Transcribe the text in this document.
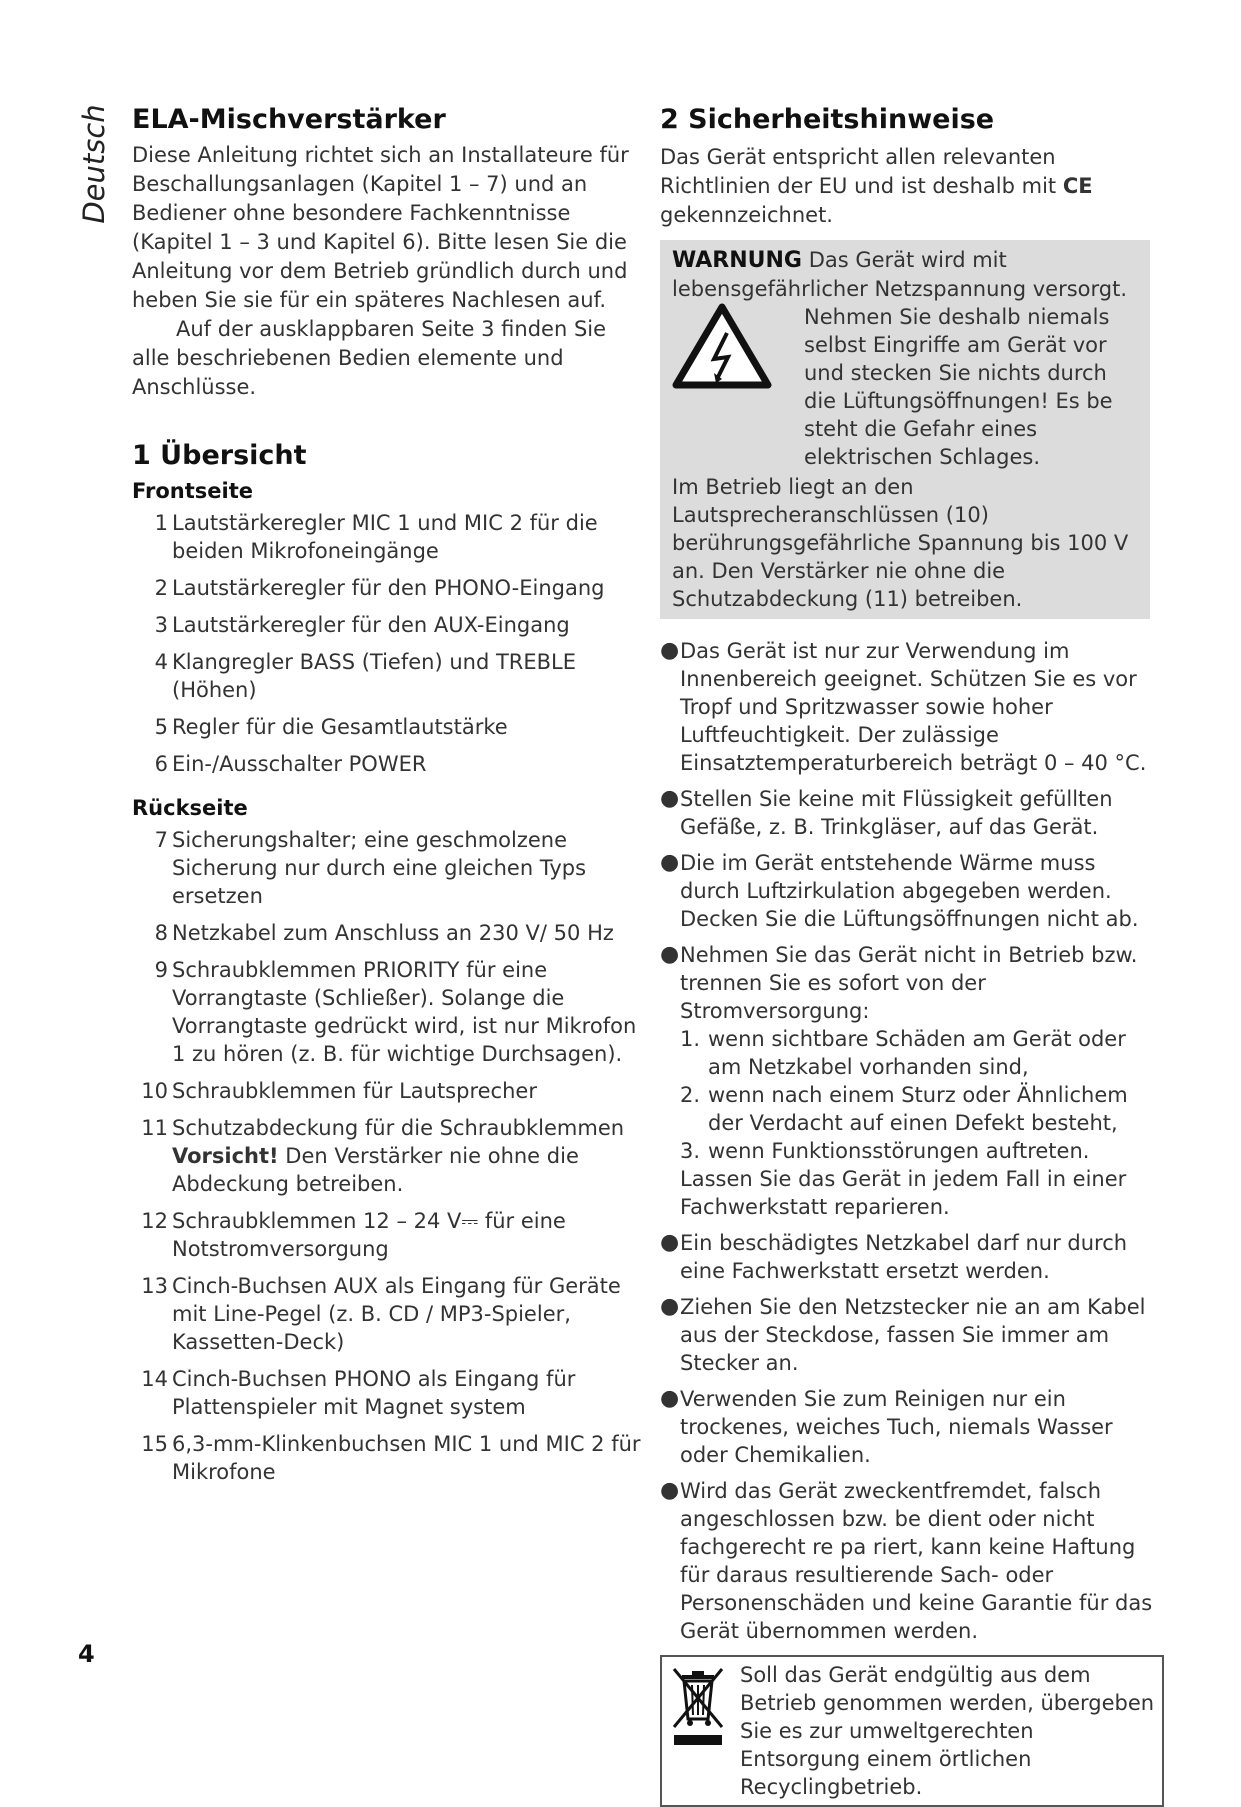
Deutsch ELA-Mischverstärker

Diese Anleitung richtet sich an Installateure für Beschallungsanlagen (Kapitel 1 – 7) und an Bediener ohne besondere Fachkenntnisse (Kapitel 1 – 3 und Kapitel 6). Bitte lesen Sie die Anleitung vor dem Betrieb gründlich durch und heben Sie sie für ein späteres Nachlesen auf.

Auf der ausklappbaren Seite 3 finden Sie alle beschriebenen Bedien elemente und Anschlüsse.

1 Übersicht
Frontseite
1 Lautstärkeregler MIC 1 und MIC 2 für die beiden Mikrofoneingänge
2 Lautstärkeregler für den PHONO-Eingang
3 Lautstärkeregler für den AUX-Eingang
4 Klangregler BASS (Tiefen) und TREBLE (Höhen)
5 Regler für die Gesamtlautstärke
6 Ein-/Ausschalter POWER
Rückseite
7 Sicherungshalter; eine geschmolzene Sicherung nur durch eine gleichen Typs ersetzen
8 Netzkabel zum Anschluss an 230 V/ 50 Hz
9 Schraubklemmen PRIORITY für eine Vorrangtaste (Schließer). Solange die Vorrangtaste gedrückt wird, ist nur Mikrofon 1 zu hören (z. B. für wichtige Durchsagen).
10 Schraubklemmen für Lautsprecher
11 Schutzabdeckung für die Schraubklemmen
Vorsicht! Den Verstärker nie ohne die Abdeckung betreiben.
12 Schraubklemmen 12 – 24 V⎓ für eine Notstromversorgung
13 Cinch-Buchsen AUX als Eingang für Geräte mit Line-Pegel (z. B. CD / MP3-Spieler, Kassetten-Deck)
14 Cinch-Buchsen PHONO als Eingang für Plattenspieler mit Magnet system
15 6,3-mm-Klinkenbuchsen MIC 1 und MIC 2 für Mikrofone
2 Sicherheitshinweise

Das Gerät entspricht allen relevanten Richtlinien der EU und ist deshalb mit CE gekennzeichnet.

WARNUNG Das Gerät wird mit lebensgefährlicher Netzspannung versorgt.
Nehmen Sie deshalb niemals selbst Eingriffe am Gerät vor und stecken Sie nichts durch die Lüftungsöffnungen! Es be steht die Gefahr eines elektrischen Schlages.
Im Betrieb liegt an den Lautsprecheranschlüssen (10) berührungsgefährliche Spannung bis 100 V an. Den Verstärker nie ohne die Schutzabdeckung (11) betreiben.
● Das Gerät ist nur zur Verwendung im Innenbereich geeignet. Schützen Sie es vor Tropf und Spritzwasser sowie hoher Luftfeuchtigkeit. Der zulässige Einsatztemperaturbereich beträgt 0 – 40 °C.
● Stellen Sie keine mit Flüssigkeit gefüllten Gefäße, z. B. Trinkgläser, auf das Gerät.
● Die im Gerät entstehende Wärme muss durch Luftzirkulation abgegeben werden. Decken Sie die Lüftungsöffnungen nicht ab.
● Nehmen Sie das Gerät nicht in Betrieb bzw. trennen Sie es sofort von der Stromversorgung:
1. wenn sichtbare Schäden am Gerät oder am Netzkabel vorhanden sind,
2. wenn nach einem Sturz oder Ähnlichem der Verdacht auf einen Defekt besteht,
3. wenn Funktionsstörungen auftreten.
Lassen Sie das Gerät in jedem Fall in einer Fachwerkstatt reparieren.
● Ein beschädigtes Netzkabel darf nur durch eine Fachwerkstatt ersetzt werden.
● Ziehen Sie den Netzstecker nie an am Kabel aus der Steckdose, fassen Sie immer am Stecker an.
● Verwenden Sie zum Reinigen nur ein trockenes, weiches Tuch, niemals Wasser oder Chemikalien.
● Wird das Gerät zweckentfremdet, falsch angeschlossen bzw. be dient oder nicht fachgerecht re pa riert, kann keine Haftung für daraus resultierende Sach- oder Personenschäden und keine Garantie für das Gerät übernommen werden.
Soll das Gerät endgültig aus dem Betrieb genommen werden, übergeben Sie es zur umweltgerechten Entsorgung einem örtlichen Recyclingbetrieb.
4
